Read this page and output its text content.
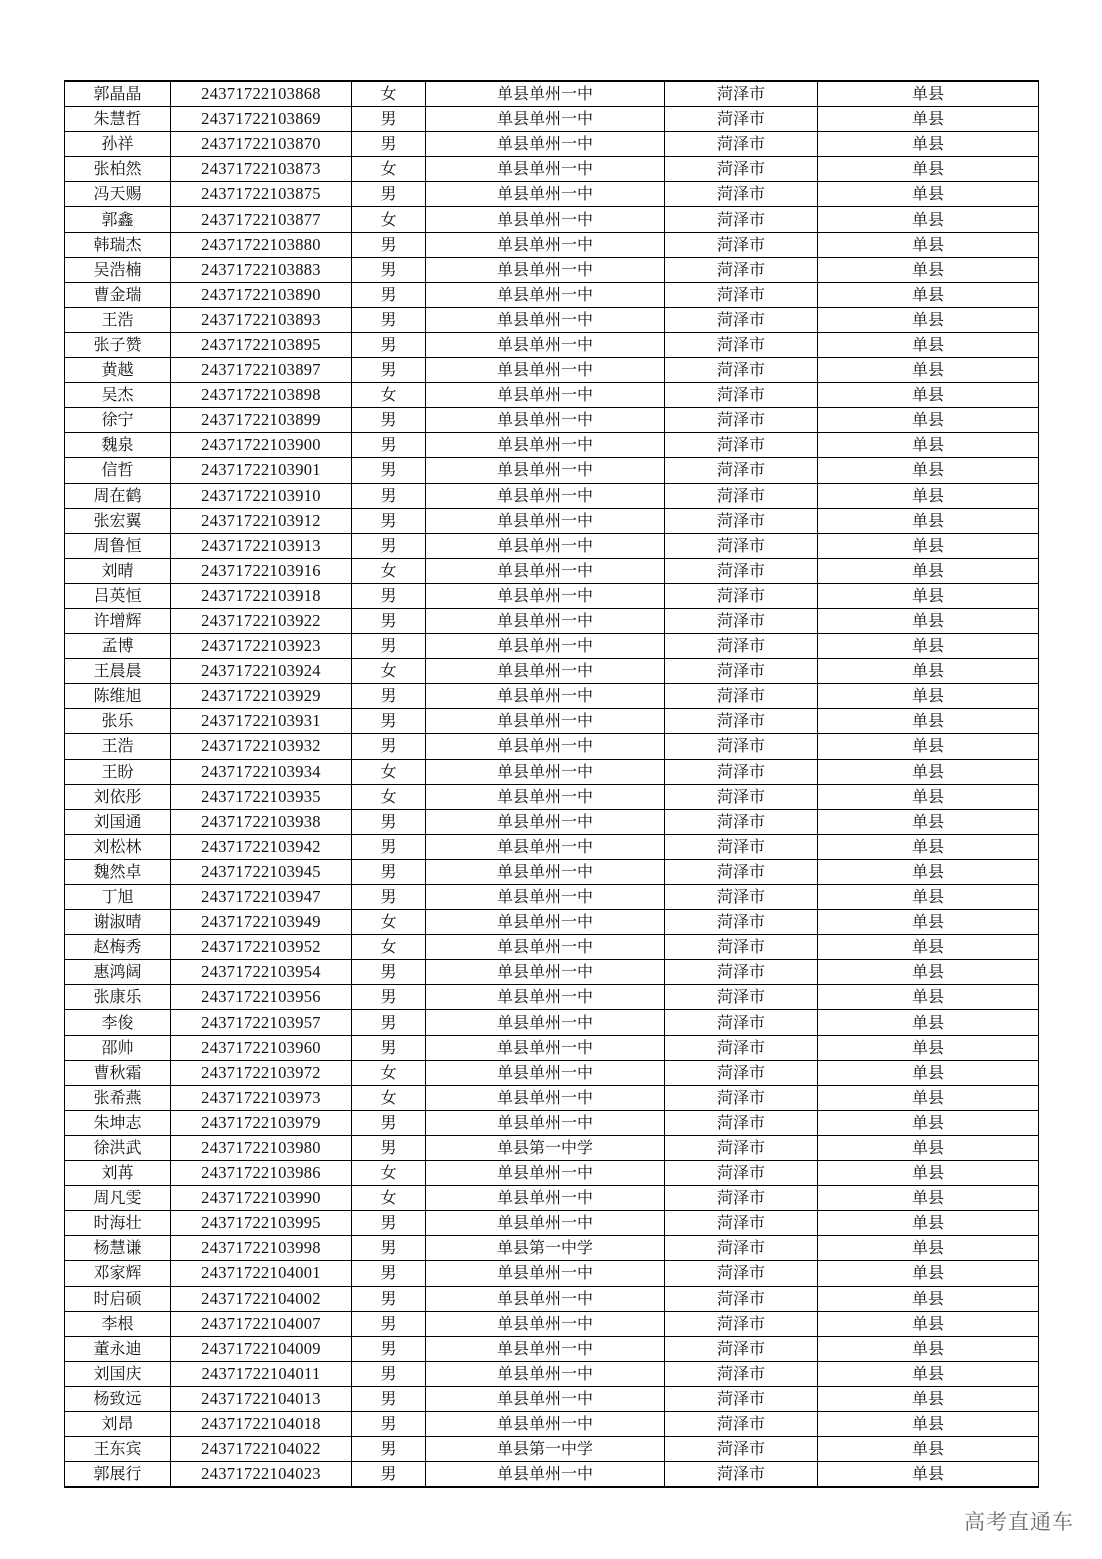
郭晶晶	24371722103868	女	单县单州一中	菏泽市	单县
朱慧哲	24371722103869	男	单县单州一中	菏泽市	单县
孙祥	24371722103870	男	单县单州一中	菏泽市	单县
张柏然	24371722103873	女	单县单州一中	菏泽市	单县
冯天赐	24371722103875	男	单县单州一中	菏泽市	单县
郭鑫	24371722103877	女	单县单州一中	菏泽市	单县
韩瑞杰	24371722103880	男	单县单州一中	菏泽市	单县
吴浩楠	24371722103883	男	单县单州一中	菏泽市	单县
曹金瑞	24371722103890	男	单县单州一中	菏泽市	单县
王浩	24371722103893	男	单县单州一中	菏泽市	单县
张子赞	24371722103895	男	单县单州一中	菏泽市	单县
黄越	24371722103897	男	单县单州一中	菏泽市	单县
吴杰	24371722103898	女	单县单州一中	菏泽市	单县
徐宁	24371722103899	男	单县单州一中	菏泽市	单县
魏泉	24371722103900	男	单县单州一中	菏泽市	单县
信哲	24371722103901	男	单县单州一中	菏泽市	单县
周在鹤	24371722103910	男	单县单州一中	菏泽市	单县
张宏翼	24371722103912	男	单县单州一中	菏泽市	单县
周鲁恒	24371722103913	男	单县单州一中	菏泽市	单县
刘晴	24371722103916	女	单县单州一中	菏泽市	单县
吕英恒	24371722103918	男	单县单州一中	菏泽市	单县
许增辉	24371722103922	男	单县单州一中	菏泽市	单县
孟博	24371722103923	男	单县单州一中	菏泽市	单县
王晨晨	24371722103924	女	单县单州一中	菏泽市	单县
陈维旭	24371722103929	男	单县单州一中	菏泽市	单县
张乐	24371722103931	男	单县单州一中	菏泽市	单县
王浩	24371722103932	男	单县单州一中	菏泽市	单县
王盼	24371722103934	女	单县单州一中	菏泽市	单县
刘依彤	24371722103935	女	单县单州一中	菏泽市	单县
刘国通	24371722103938	男	单县单州一中	菏泽市	单县
刘松林	24371722103942	男	单县单州一中	菏泽市	单县
魏然卓	24371722103945	男	单县单州一中	菏泽市	单县
丁旭	24371722103947	男	单县单州一中	菏泽市	单县
谢淑晴	24371722103949	女	单县单州一中	菏泽市	单县
赵梅秀	24371722103952	女	单县单州一中	菏泽市	单县
惠鸿阔	24371722103954	男	单县单州一中	菏泽市	单县
张康乐	24371722103956	男	单县单州一中	菏泽市	单县
李俊	24371722103957	男	单县单州一中	菏泽市	单县
邵帅	24371722103960	男	单县单州一中	菏泽市	单县
曹秋霜	24371722103972	女	单县单州一中	菏泽市	单县
张希燕	24371722103973	女	单县单州一中	菏泽市	单县
朱坤志	24371722103979	男	单县单州一中	菏泽市	单县
徐洪武	24371722103980	男	单县第一中学	菏泽市	单县
刘苒	24371722103986	女	单县单州一中	菏泽市	单县
周凡雯	24371722103990	女	单县单州一中	菏泽市	单县
时海壮	24371722103995	男	单县单州一中	菏泽市	单县
杨慧谦	24371722103998	男	单县第一中学	菏泽市	单县
邓家辉	24371722104001	男	单县单州一中	菏泽市	单县
时启硕	24371722104002	男	单县单州一中	菏泽市	单县
李根	24371722104007	男	单县单州一中	菏泽市	单县
董永迪	24371722104009	男	单县单州一中	菏泽市	单县
刘国庆	24371722104011	男	单县单州一中	菏泽市	单县
杨致远	24371722104013	男	单县单州一中	菏泽市	单县
刘昂	24371722104018	男	单县单州一中	菏泽市	单县
王东宾	24371722104022	男	单县第一中学	菏泽市	单县
郭展行	24371722104023	男	单县单州一中	菏泽市	单县
高考直通车
